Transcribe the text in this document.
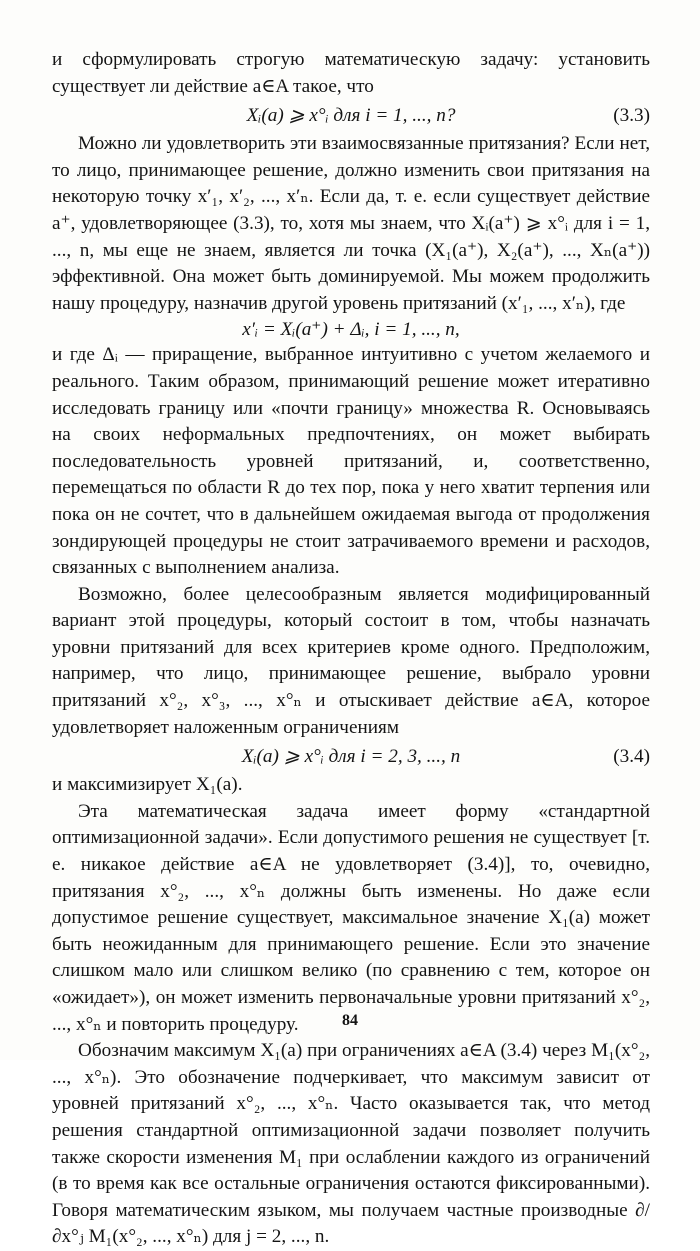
и сформулировать строгую математическую задачу: установить существует ли действие a∈A такое, что

Xᵢ(a) ⩾ x°ᵢ для i = 1, ..., n?	(3.3)

Можно ли удовлетворить эти взаимосвязанные притязания? Если нет, то лицо, принимающее решение, должно изменить свои притязания на некоторую точку x′₁, x′₂, ..., x′ₙ. Если да, т. е. если существует действие a⁺, удовлетворяющее (3.3), то, хотя мы знаем, что Xᵢ(a⁺) ⩾ x°ᵢ для i = 1, ..., n, мы еще не знаем, является ли точка (X₁(a⁺), X₂(a⁺), ..., Xₙ(a⁺)) эффективной. Она может быть доминируемой. Мы можем продолжить нашу процедуру, назначив другой уровень притязаний (x′₁, ..., x′ₙ), где

x′ᵢ = Xᵢ(a⁺) + Δᵢ, i = 1, ..., n,

и где Δᵢ — приращение, выбранное интуитивно с учетом желаемого и реального. Таким образом, принимающий решение может итеративно исследовать границу или «почти границу» множества R. Основываясь на своих неформальных предпочтениях, он может выбирать последовательность уровней притязаний, и, соответственно, перемещаться по области R до тех пор, пока у него хватит терпения или пока он не сочтет, что в дальнейшем ожидаемая выгода от продолжения зондирующей процедуры не стоит затрачиваемого времени и расходов, связанных с выполнением анализа.

Возможно, более целесообразным является модифицированный вариант этой процедуры, который состоит в том, чтобы назначать уровни притязаний для всех критериев кроме одного. Предположим, например, что лицо, принимающее решение, выбрало уровни притязаний x°₂, x°₃, ..., x°ₙ и отыскивает действие a∈A, которое удовлетворяет наложенным ограничениям

Xᵢ(a) ⩾ x°ᵢ для i = 2, 3, ..., n	(3.4)

и максимизирует X₁(a).

Эта математическая задача имеет форму «стандартной оптимизационной задачи». Если допустимого решения не существует [т. е. никакое действие a∈A не удовлетворяет (3.4)], то, очевидно, притязания x°₂, ..., x°ₙ должны быть изменены. Но даже если допустимое решение существует, максимальное значение X₁(a) может быть неожиданным для принимающего решение. Если это значение слишком мало или слишком велико (по сравнению с тем, которое он «ожидает»), он может изменить первоначальные уровни притязаний x°₂, ..., x°ₙ и повторить процедуру.

Обозначим максимум X₁(a) при ограничениях a∈A (3.4) через M₁(x°₂, ..., x°ₙ). Это обозначение подчеркивает, что максимум зависит от уровней притязаний x°₂, ..., x°ₙ. Часто оказывается так, что метод решения стандартной оптимизационной задачи позволяет получить также скорости изменения M₁ при ослаблении каждого из ограничений (в то время как все остальные ограничения остаются фиксированными). Говоря математическим языком, мы получаем частные производные ∂/∂x°ⱼ M₁(x°₂, ..., x°ₙ) для j = 2, ..., n.

84
